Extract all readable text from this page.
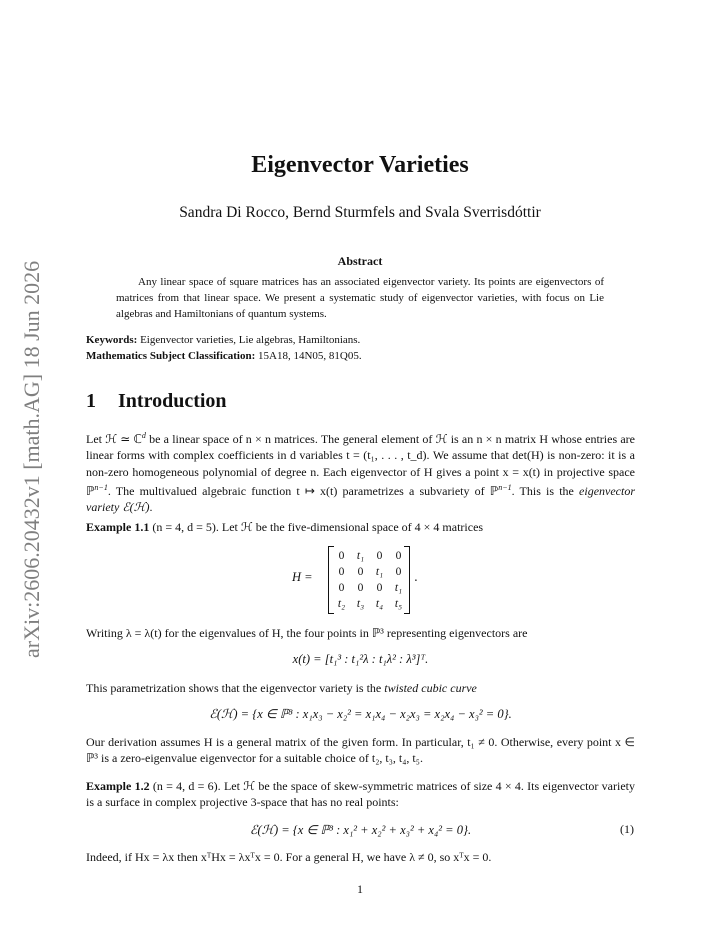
arXiv:2606.20432v1 [math.AG] 18 Jun 2026
Eigenvector Varieties
Sandra Di Rocco, Bernd Sturmfels and Svala Sverrisdóttir
Abstract
Any linear space of square matrices has an associated eigenvector variety. Its points are eigenvectors of matrices from that linear space. We present a systematic study of eigenvector varieties, with focus on Lie algebras and Hamiltonians of quantum systems.
Keywords: Eigenvector varieties, Lie algebras, Hamiltonians.
Mathematics Subject Classification: 15A18, 14N05, 81Q05.
1 Introduction
Let ℋ ≃ ℂ$^d$ be a linear space of n × n matrices. The general element of ℋ is an n × n matrix H whose entries are linear forms with complex coefficients in d variables t = (t₁, . . . , t_d). We assume that det(H) is non-zero: it is a non-zero homogeneous polynomial of degree n. Each eigenvector of H gives a point x = x(t) in projective space ℙ$^{n-1}$. The multivalued algebraic function t ↦ x(t) parametrizes a subvariety of ℙ$^{n-1}$. This is the eigenvector variety ℰ(ℋ).
Example 1.1 (n = 4, d = 5). Let ℋ be the five-dimensional space of 4 × 4 matrices
H =
0	t₁	0	0
0	0	t₁	0
0	0	0	t₁
t₂	t₃	t₄	t₅
.
Writing λ = λ(t) for the eigenvalues of H, the four points in ℙ³ representing eigenvectors are
x(t) = [t₁³ : t₁²λ : t₁λ² : λ³]ᵀ.
This parametrization shows that the eigenvector variety is the twisted cubic curve
ℰ(ℋ) = {x ∈ ℙ³ : x₁x₃ − x₂² = x₁x₄ − x₂x₃ = x₂x₄ − x₃² = 0}.
Our derivation assumes H is a general matrix of the given form. In particular, t₁ ≠ 0. Otherwise, every point x ∈ ℙ³ is a zero-eigenvalue eigenvector for a suitable choice of t₂, t₃, t₄, t₅.
Example 1.2 (n = 4, d = 6). Let ℋ be the space of skew-symmetric matrices of size 4 × 4. Its eigenvector variety is a surface in complex projective 3-space that has no real points:
ℰ(ℋ) = {x ∈ ℙ³ : x₁² + x₂² + x₃² + x₄² = 0}.	(1)
Indeed, if Hx = λx then xᵀHx = λxᵀx = 0. For a general H, we have λ ≠ 0, so xᵀx = 0.
1
